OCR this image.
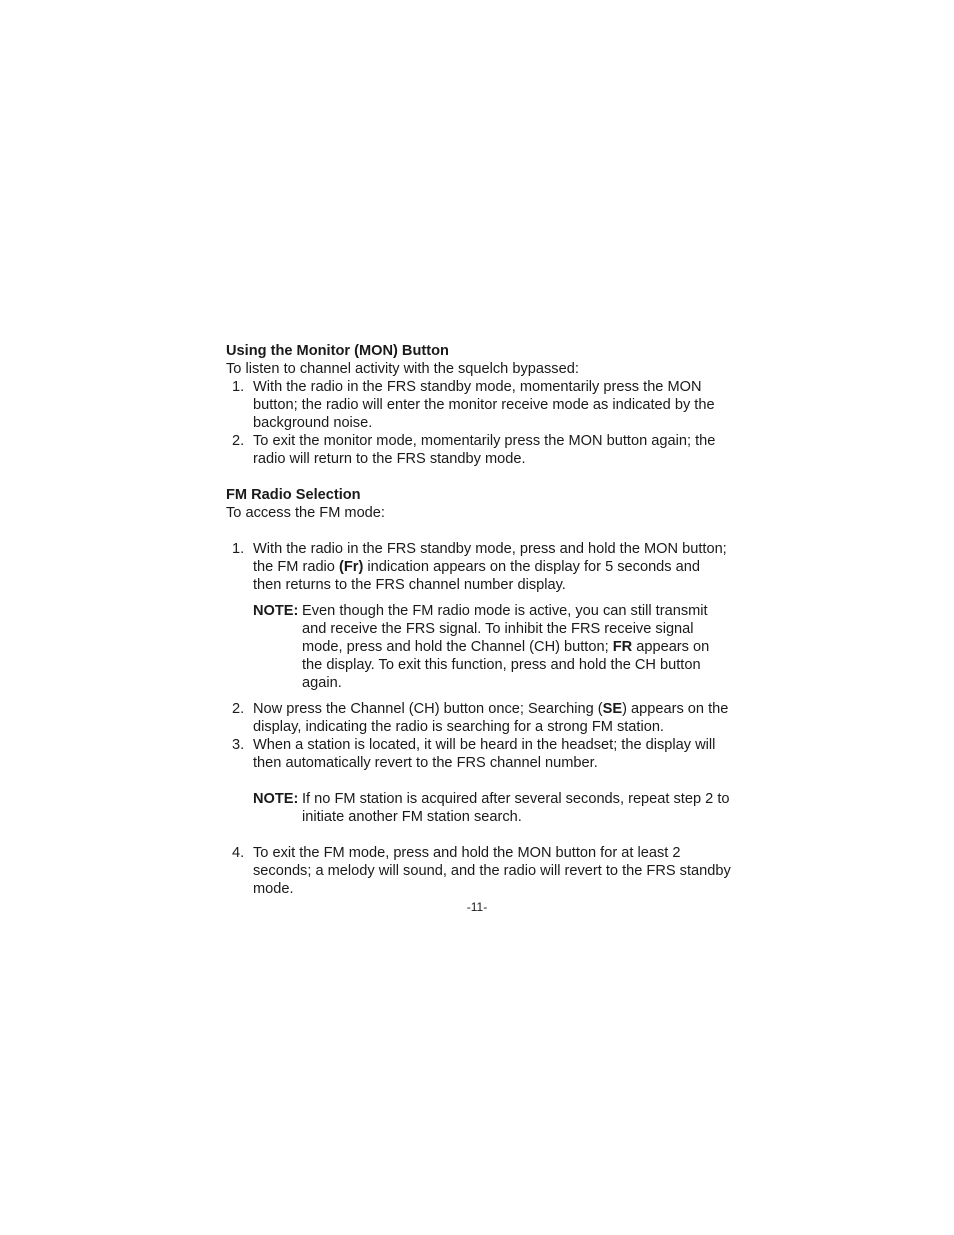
Using the Monitor (MON) Button

To listen to channel activity with the squelch bypassed:

1. With the radio in the FRS standby mode, momentarily press the MON button; the radio will enter the monitor receive mode as indicated by the background noise.
2. To exit the monitor mode, momentarily press the MON button again; the radio will return to the FRS standby mode.
FM Radio Selection

To access the FM mode:

1. With the radio in the FRS standby mode, press and hold the MON button; the FM radio (Fr) indication appears on the display for 5 seconds and then returns to the FRS channel number display.
NOTE: Even though the FM radio mode is active, you can still transmit and receive the FRS signal. To inhibit the FRS receive signal mode, press and hold the Channel (CH) button; FR appears on the display. To exit this function, press and hold the CH button again.
2. Now press the Channel (CH) button once; Searching (SE) appears on the display, indicating the radio is searching for a strong FM station.
3. When a station is located, it will be heard in the headset; the display will then automatically revert to the FRS channel number.
NOTE: If no FM station is acquired after several seconds, repeat step 2 to initiate another FM station search.
4. To exit the FM mode, press and hold the MON button for at least 2 seconds; a melody will sound, and the radio will revert to the FRS standby mode.
-11-
